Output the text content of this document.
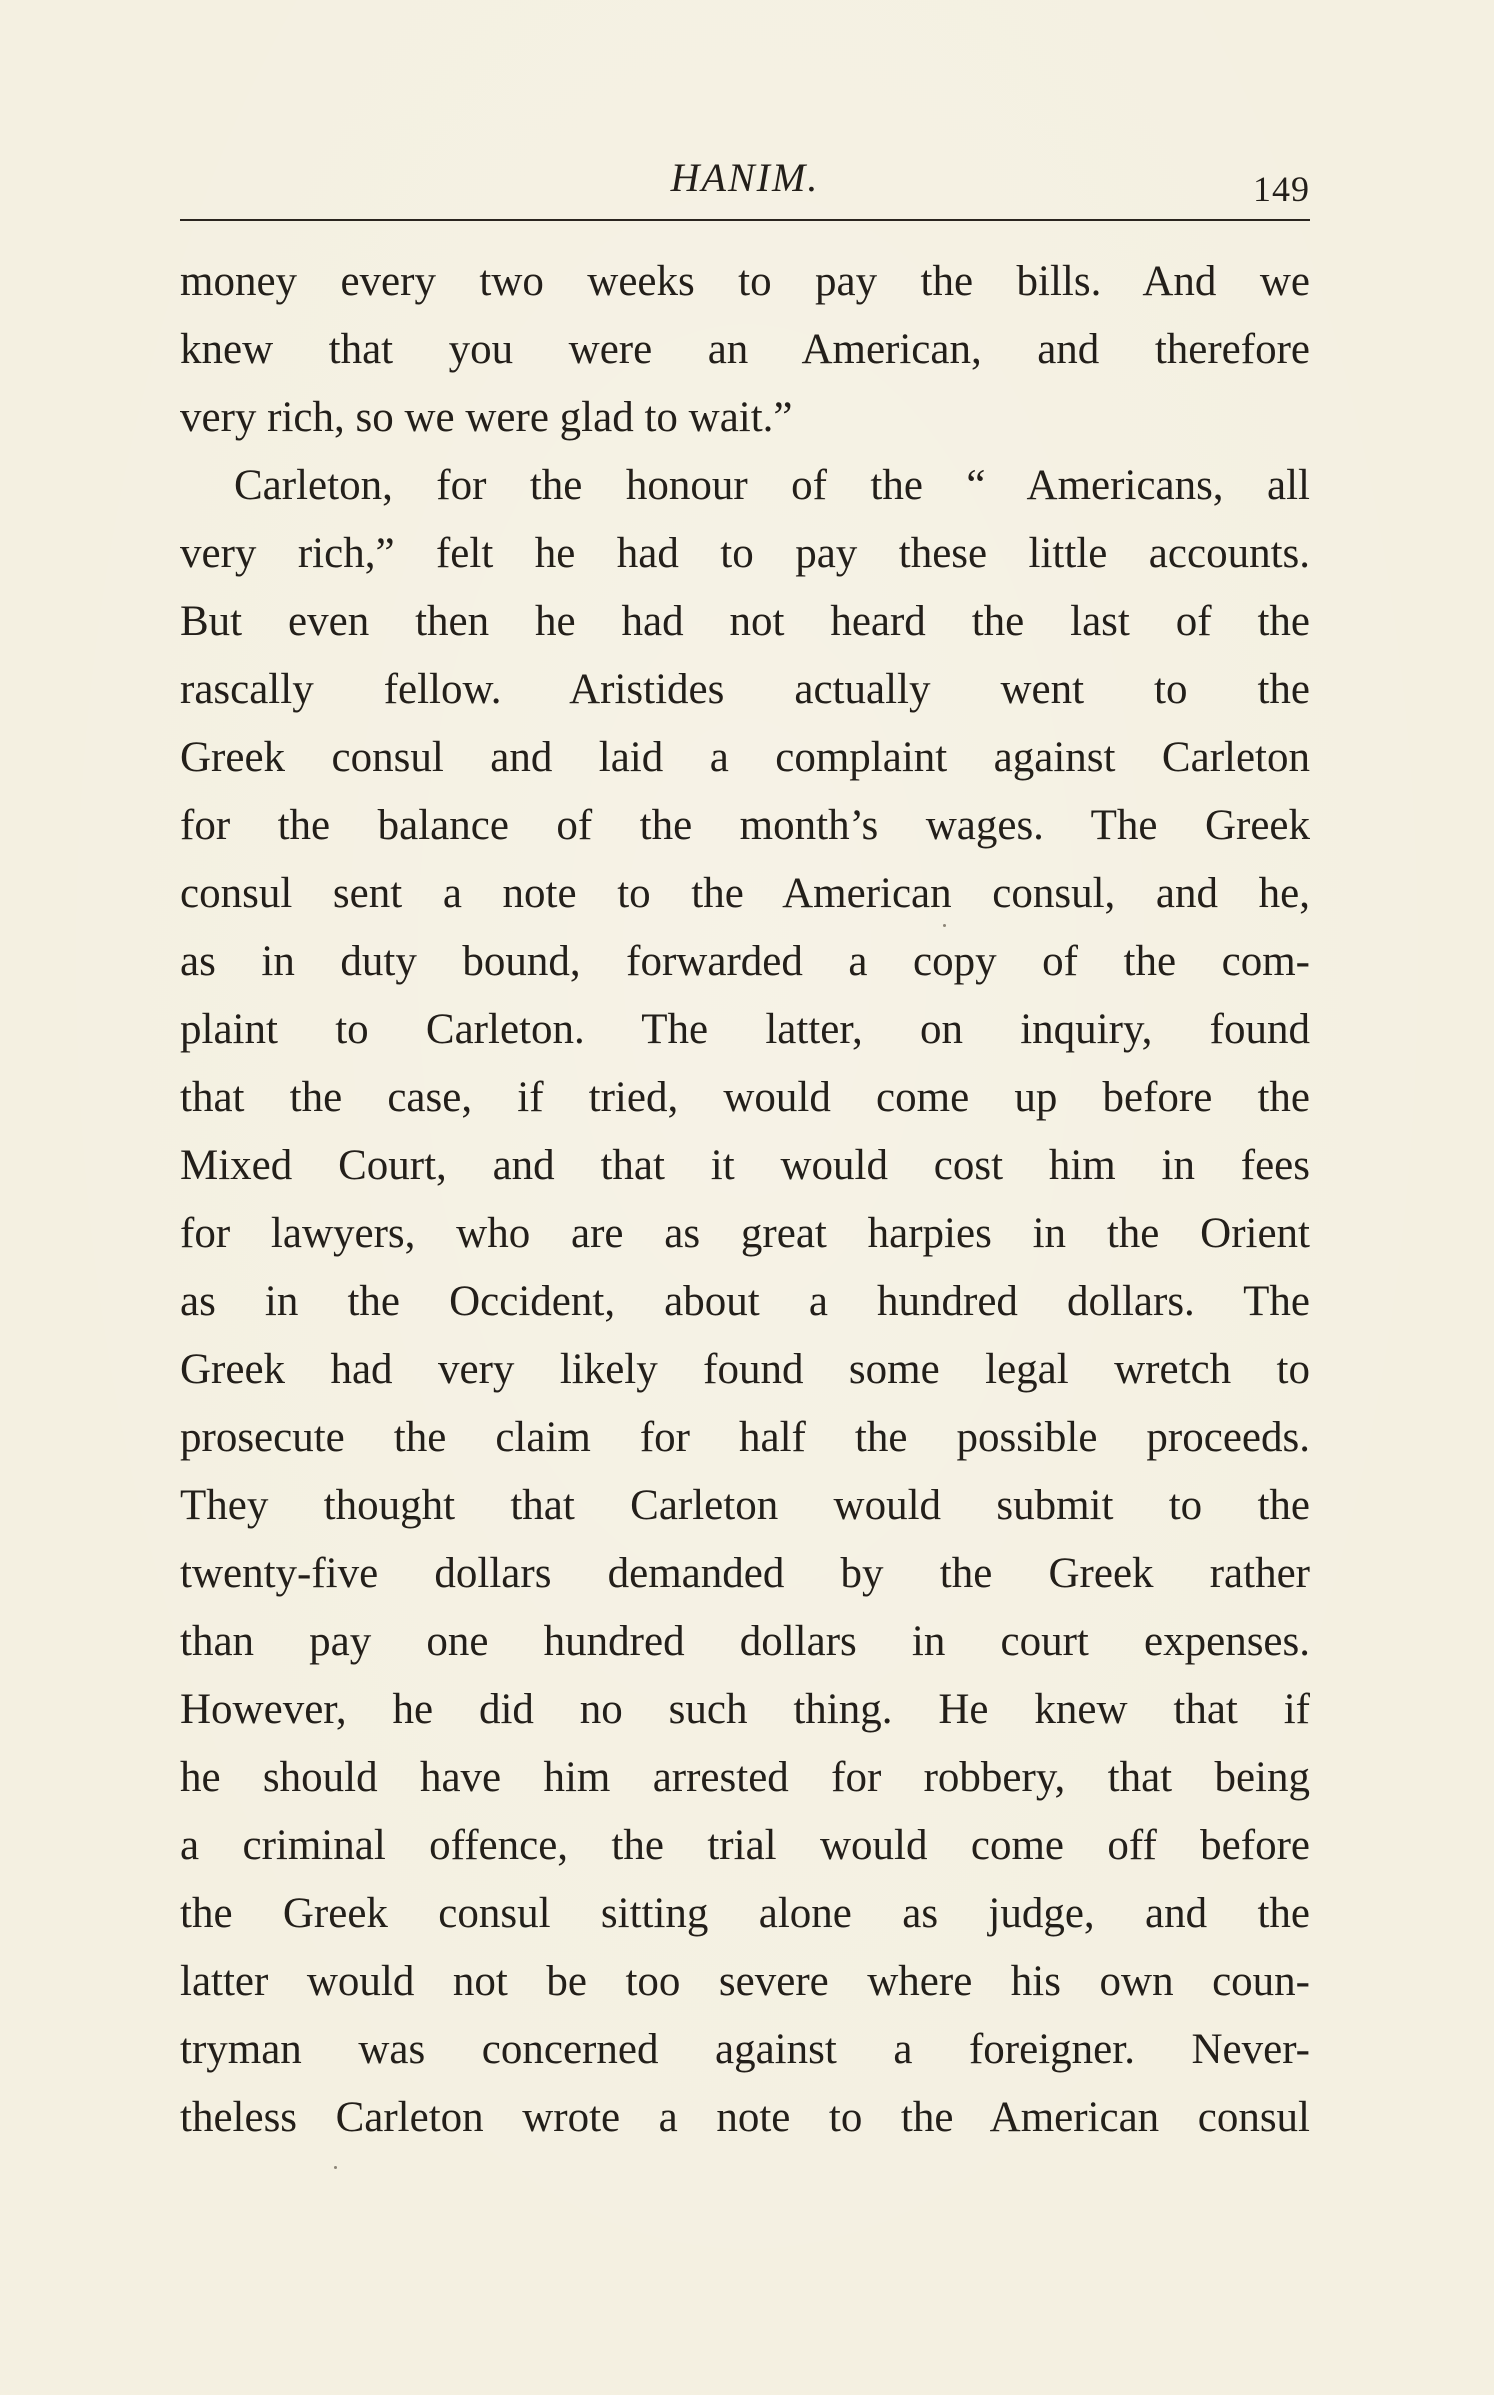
HANIM.	149
money every two weeks to pay the bills. And we
knew that you were an American, and therefore
very rich, so we were glad to wait.”
Carleton, for the honour of the “ Americans, all
very rich,” felt he had to pay these little accounts.
But even then he had not heard the last of the
rascally fellow. Aristides actually went to the
Greek consul and laid a complaint against Carleton
for the balance of the month’s wages. The Greek
consul sent a note to the American consul, and he,
as in duty bound, forwarded a copy of the com-
plaint to Carleton. The latter, on inquiry, found
that the case, if tried, would come up before the
Mixed Court, and that it would cost him in fees
for lawyers, who are as great harpies in the Orient
as in the Occident, about a hundred dollars. The
Greek had very likely found some legal wretch to
prosecute the claim for half the possible proceeds.
They thought that Carleton would submit to the
twenty-five dollars demanded by the Greek rather
than pay one hundred dollars in court expenses.
However, he did no such thing. He knew that if
he should have him arrested for robbery, that being
a criminal offence, the trial would come off before
the Greek consul sitting alone as judge, and the
latter would not be too severe where his own coun-
tryman was concerned against a foreigner. Never-
theless Carleton wrote a note to the American consul
